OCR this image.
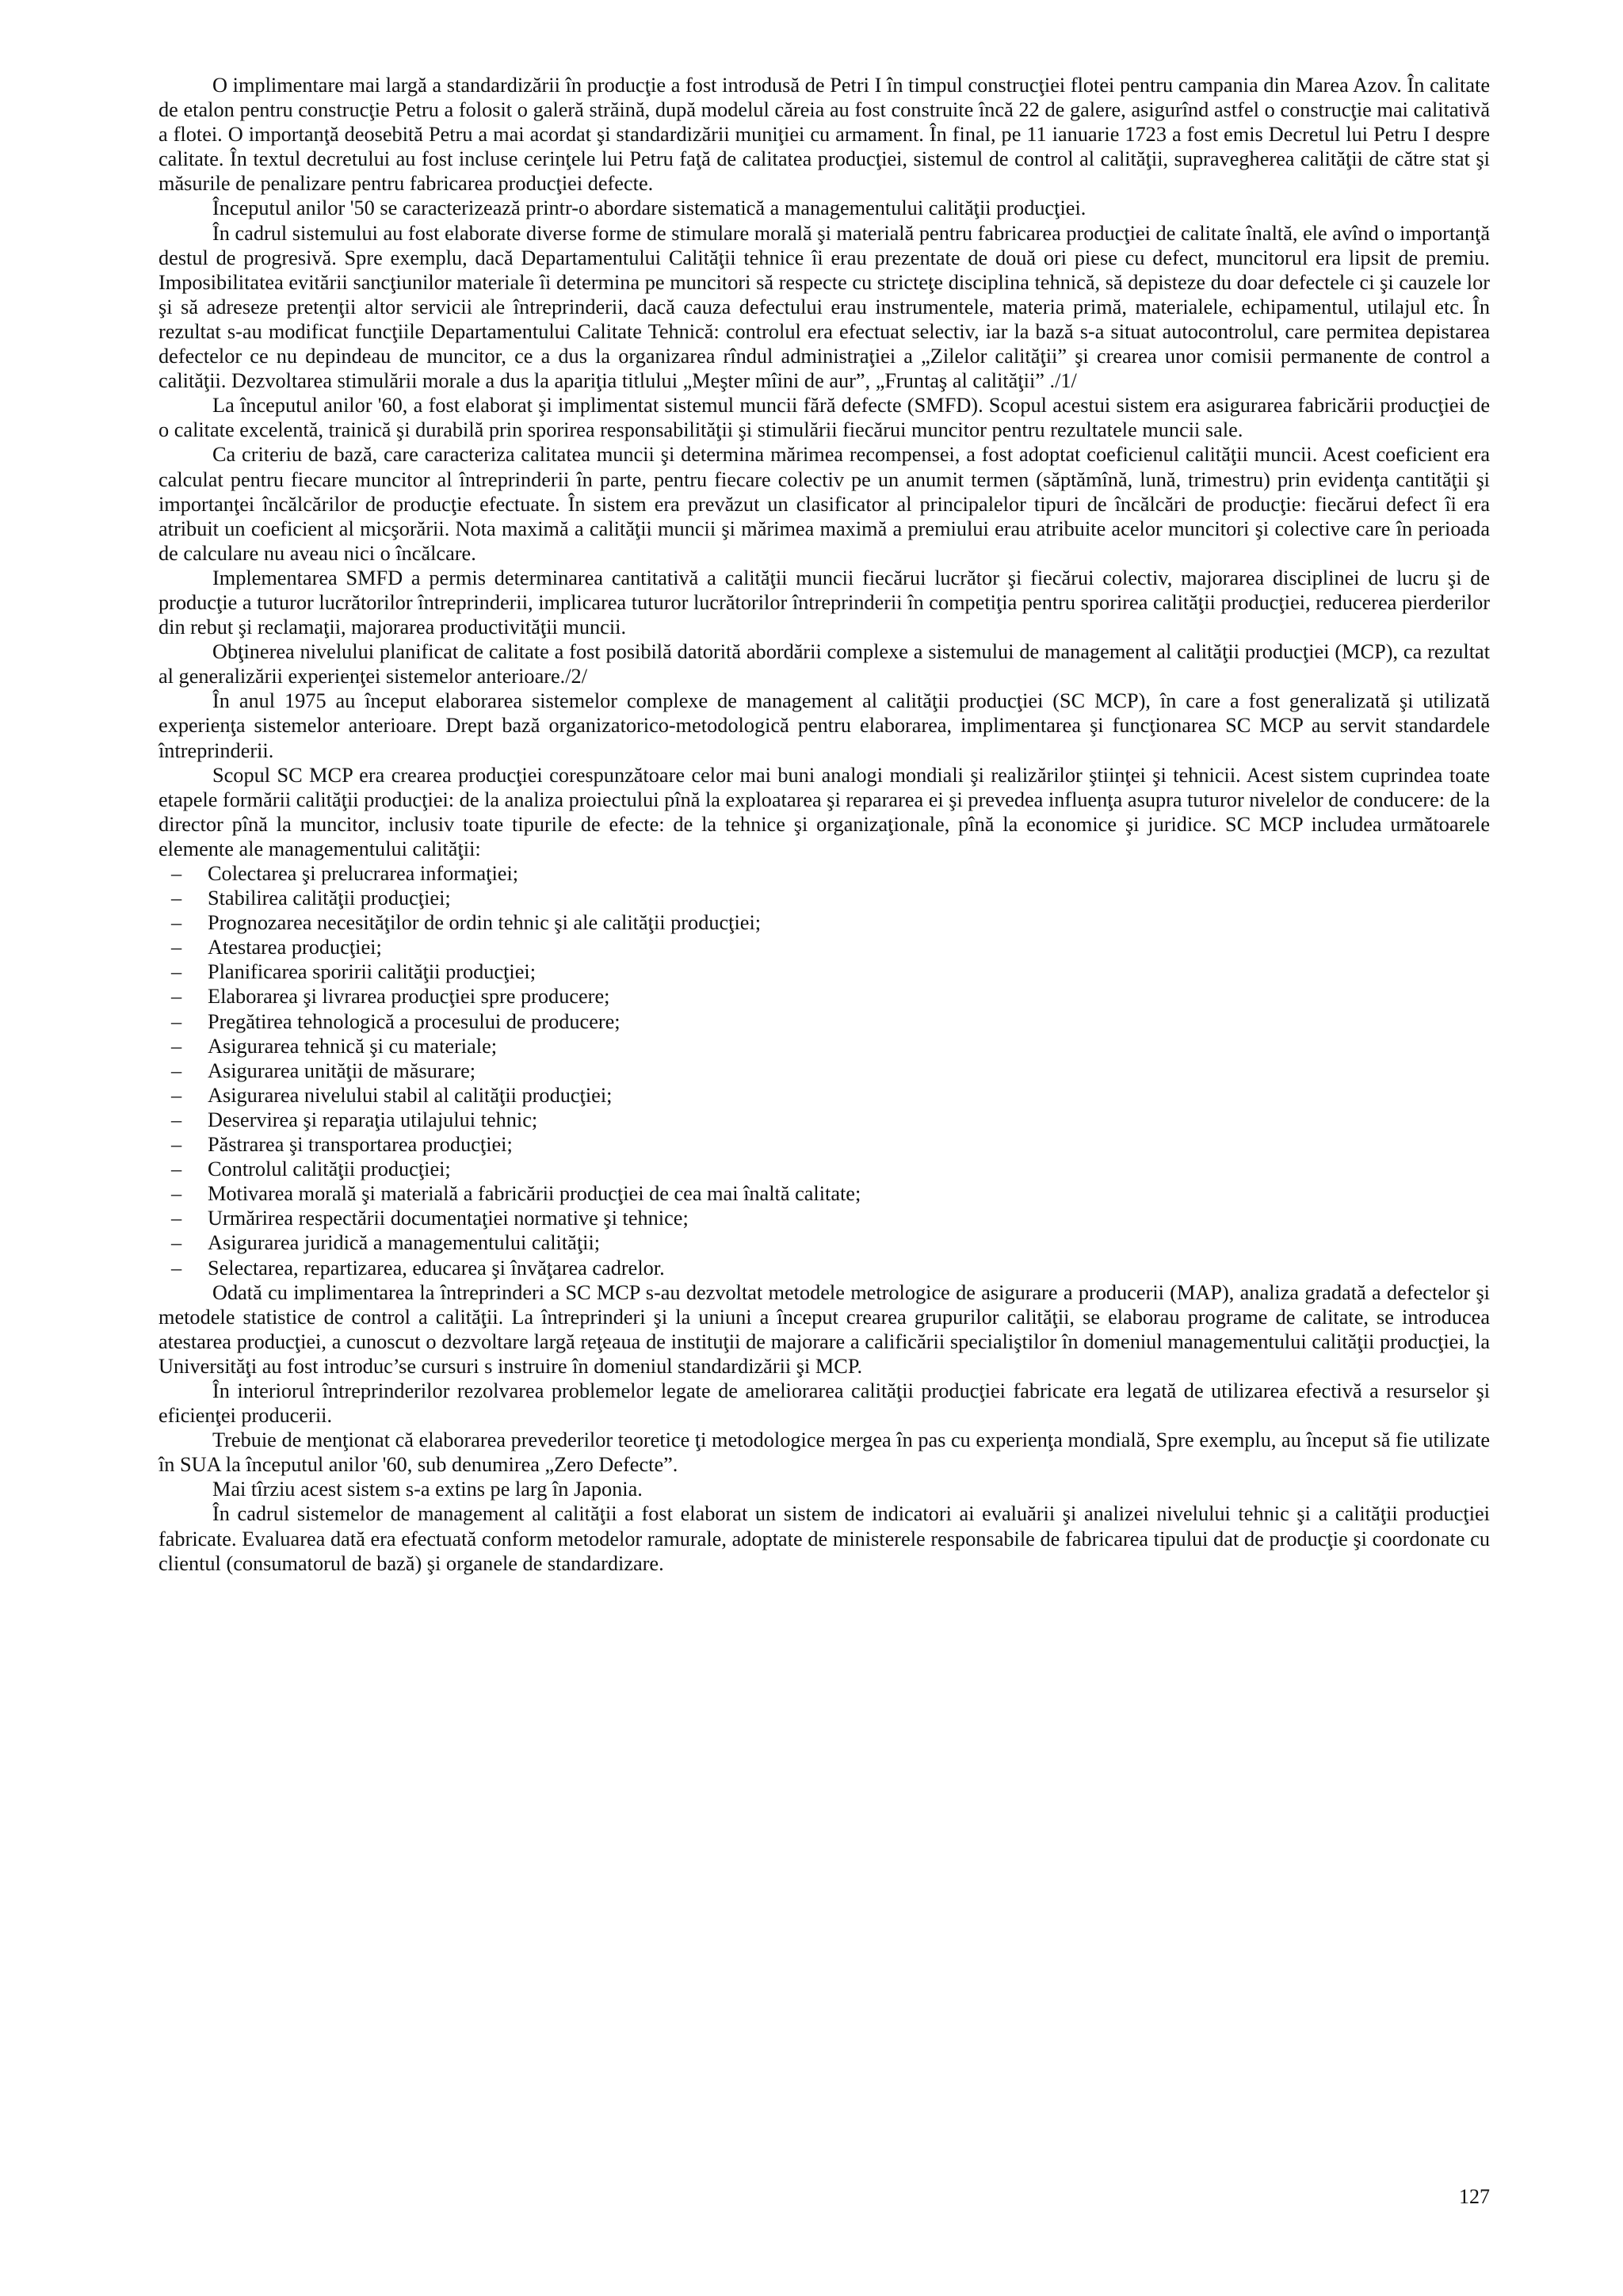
O implimentare mai largă a standardizării în producţie a fost introdusă de Petri I în timpul construcţiei flotei pentru campania din Marea Azov. În calitate de etalon pentru construcţie Petru a folosit o galeră străină, după modelul căreia au fost construite încă 22 de galere, asigurînd astfel o construcţie mai calitativă a flotei. O importanţă deosebită Petru a mai acordat şi standardizării muniţiei cu armament. În final, pe 11 ianuarie 1723 a fost emis Decretul lui Petru I despre calitate. În textul decretului au fost incluse cerinţele lui Petru faţă de calitatea producţiei, sistemul de control al calităţii, supravegherea calităţii de către stat şi măsurile de penalizare pentru fabricarea producţiei defecte.

Începutul anilor '50 se caracterizează printr-o abordare sistematică a managementului calităţii producţiei.

În cadrul sistemului au fost elaborate diverse forme de stimulare morală şi materială pentru fabricarea producţiei de calitate înaltă, ele avînd o importanţă destul de progresivă. Spre exemplu, dacă Departamentului Calităţii tehnice îi erau prezentate de două ori piese cu defect, muncitorul era lipsit de premiu. Imposibilitatea evitării sancţiunilor materiale îi determina pe muncitori să respecte cu stricteţe disciplina tehnică, să depisteze du doar defectele ci şi cauzele lor şi să adreseze pretenţii altor servicii ale întreprinderii, dacă cauza defectului erau instrumentele, materia primă, materialele, echipamentul, utilajul etc. În rezultat s-au modificat funcţiile Departamentului Calitate Tehnică: controlul era efectuat selectiv, iar la bază s-a situat autocontrolul, care permitea depistarea defectelor ce nu depindeau de muncitor, ce a dus la organizarea rîndul administraţiei a „Zilelor calităţii” şi crearea unor comisii permanente de control a calităţii. Dezvoltarea stimulării morale a dus la apariţia titlului „Meşter mîini de aur”, „Fruntaş al calităţii” ./1/

La începutul anilor '60, a fost elaborat şi implimentat sistemul muncii fără defecte (SMFD). Scopul acestui sistem era asigurarea fabricării producţiei de o calitate excelentă, trainică şi durabilă prin sporirea responsabilităţii şi stimulării fiecărui muncitor pentru rezultatele muncii sale.

Ca criteriu de bază, care caracteriza calitatea muncii şi determina mărimea recompensei, a fost adoptat coeficienul calităţii muncii. Acest coeficient era calculat pentru fiecare muncitor al întreprinderii în parte, pentru fiecare colectiv pe un anumit termen (săptămînă, lună, trimestru) prin evidenţa cantităţii şi importanţei încălcărilor de producţie efectuate. În sistem era prevăzut un clasificator al principalelor tipuri de încălcări de producţie: fiecărui defect îi era atribuit un coeficient al micşorării. Nota maximă a calităţii muncii şi mărimea maximă a premiului erau atribuite acelor muncitori şi colective care în perioada de calculare nu aveau nici o încălcare.

Implementarea SMFD a permis determinarea cantitativă a calităţii muncii fiecărui lucrător şi fiecărui colectiv, majorarea disciplinei de lucru şi de producţie a tuturor lucrătorilor întreprinderii, implicarea tuturor lucrătorilor întreprinderii în competiţia pentru sporirea calităţii producţiei, reducerea pierderilor din rebut şi reclamaţii, majorarea productivităţii muncii.

Obţinerea nivelului planificat de calitate a fost posibilă datorită abordării complexe a sistemului de management al calităţii producţiei (MCP), ca rezultat al generalizării experienţei sistemelor anterioare./2/

În anul 1975 au început elaborarea sistemelor complexe de management al calităţii producţiei (SC MCP), în care a fost generalizată şi utilizată experienţa sistemelor anterioare. Drept bază organizatorico-metodologică pentru elaborarea, implimentarea şi funcţionarea SC MCP au servit standardele întreprinderii.

Scopul SC MCP era crearea producţiei corespunzătoare celor mai buni analogi mondiali şi realizărilor ştiinţei şi tehnicii. Acest sistem cuprindea toate etapele formării calităţii producţiei: de la analiza proiectului pînă la exploatarea şi repararea ei şi prevedea influenţa asupra tuturor nivelelor de conducere: de la director pînă la muncitor, inclusiv toate tipurile de efecte: de la tehnice şi organizaţionale, pînă la economice şi juridice. SC MCP includea următoarele elemente ale managementului calităţii:

– Colectarea şi prelucrarea informaţiei;
– Stabilirea calităţii producţiei;
– Prognozarea necesităţilor de ordin tehnic şi ale calităţii producţiei;
– Atestarea producţiei;
– Planificarea sporirii calităţii producţiei;
– Elaborarea şi livrarea producţiei spre producere;
– Pregătirea tehnologică a procesului de producere;
– Asigurarea tehnică şi cu materiale;
– Asigurarea unităţii de măsurare;
– Asigurarea nivelului stabil al calităţii producţiei;
– Deservirea şi reparaţia utilajului tehnic;
– Păstrarea şi transportarea producţiei;
– Controlul calităţii producţiei;
– Motivarea morală şi materială a fabricării producţiei de cea mai înaltă calitate;
– Urmărirea respectării documentaţiei normative şi tehnice;
– Asigurarea juridică a managementului calităţii;
– Selectarea, repartizarea, educarea şi învăţarea cadrelor.

Odată cu implimentarea la întreprinderi a SC MCP s-au dezvoltat metodele metrologice de asigurare a producerii (MAP), analiza gradată a defectelor şi metodele statistice de control a calităţii. La întreprinderi şi la uniuni a început crearea grupurilor calităţii, se elaborau programe de calitate, se introducea atestarea producţiei, a cunoscut o dezvoltare largă reţeaua de instituţii de majorare a calificării specialiştilor în domeniul managementului calităţii producţiei, la Universităţi au fost introduc’se cursuri s instruire în domeniul standardizării şi MCP.

În interiorul întreprinderilor rezolvarea problemelor legate de ameliorarea calităţii producţiei fabricate era legată de utilizarea efectivă a resurselor şi eficienţei producerii.

Trebuie de menţionat că elaborarea prevederilor teoretice ţi metodologice mergea în pas cu experienţa mondială, Spre exemplu, au început să fie utilizate în SUA la începutul anilor '60, sub denumirea „Zero Defecte”.

Mai tîrziu acest sistem s-a extins pe larg în Japonia.

În cadrul sistemelor de management al calităţii a fost elaborat un sistem de indicatori ai evaluării şi analizei nivelului tehnic şi a calităţii producţiei fabricate. Evaluarea dată era efectuată conform metodelor ramurale, adoptate de ministerele responsabile de fabricarea tipului dat de producţie şi coordonate cu clientul (consumatorul de bază) şi organele de standardizare.

127
